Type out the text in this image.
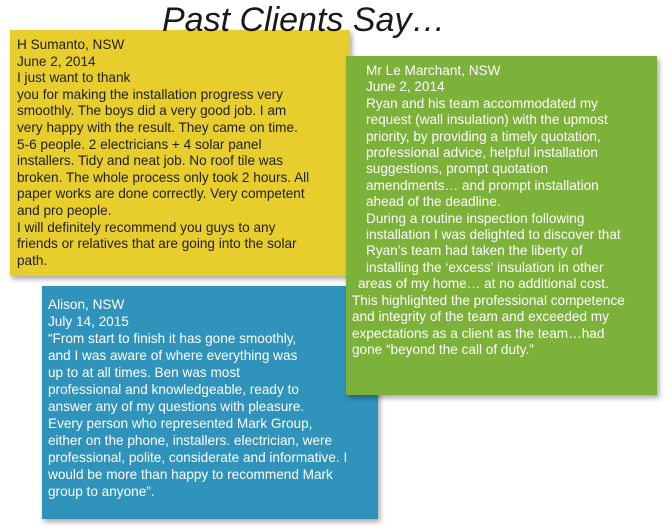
Past Clients Say…
H Sumanto, NSW
June 2, 2014
I just want to thank
you for making the installation progress very
smoothly. The boys did a very good job. I am
very happy with the result. They came on time.
5-6 people. 2 electricians + 4 solar panel
installers. Tidy and neat job. No roof tile was
broken. The whole process only took 2 hours. All
paper works are done correctly. Very competent
and pro people.
I will definitely recommend you guys to any
friends or relatives that are going into the solar
path.
Mr Le Marchant, NSW
June 2, 2014
Ryan and his team accommodated my
request (wall insulation) with the upmost
priority, by providing a timely quotation,
professional advice, helpful installation
suggestions, prompt quotation
amendments… and prompt installation
ahead of the deadline.
During a routine inspection following
installation I was delighted to discover that
Ryan’s team had taken the liberty of
installing the ‘excess’ insulation in other
areas of my home… at no additional cost.
This highlighted the professional competence
and integrity of the team and exceeded my
expectations as a client as the team…had
gone “beyond the call of duty.”
Alison, NSW
July 14, 2015
“From start to finish it has gone smoothly,
and I was aware of where everything was
up to at all times. Ben was most
professional and knowledgeable, ready to
answer any of my questions with pleasure.
Every person who represented Mark Group,
either on the phone, installers. electrician, were
professional, polite, considerate and informative. I
would be more than happy to recommend Mark
group to anyone”.
